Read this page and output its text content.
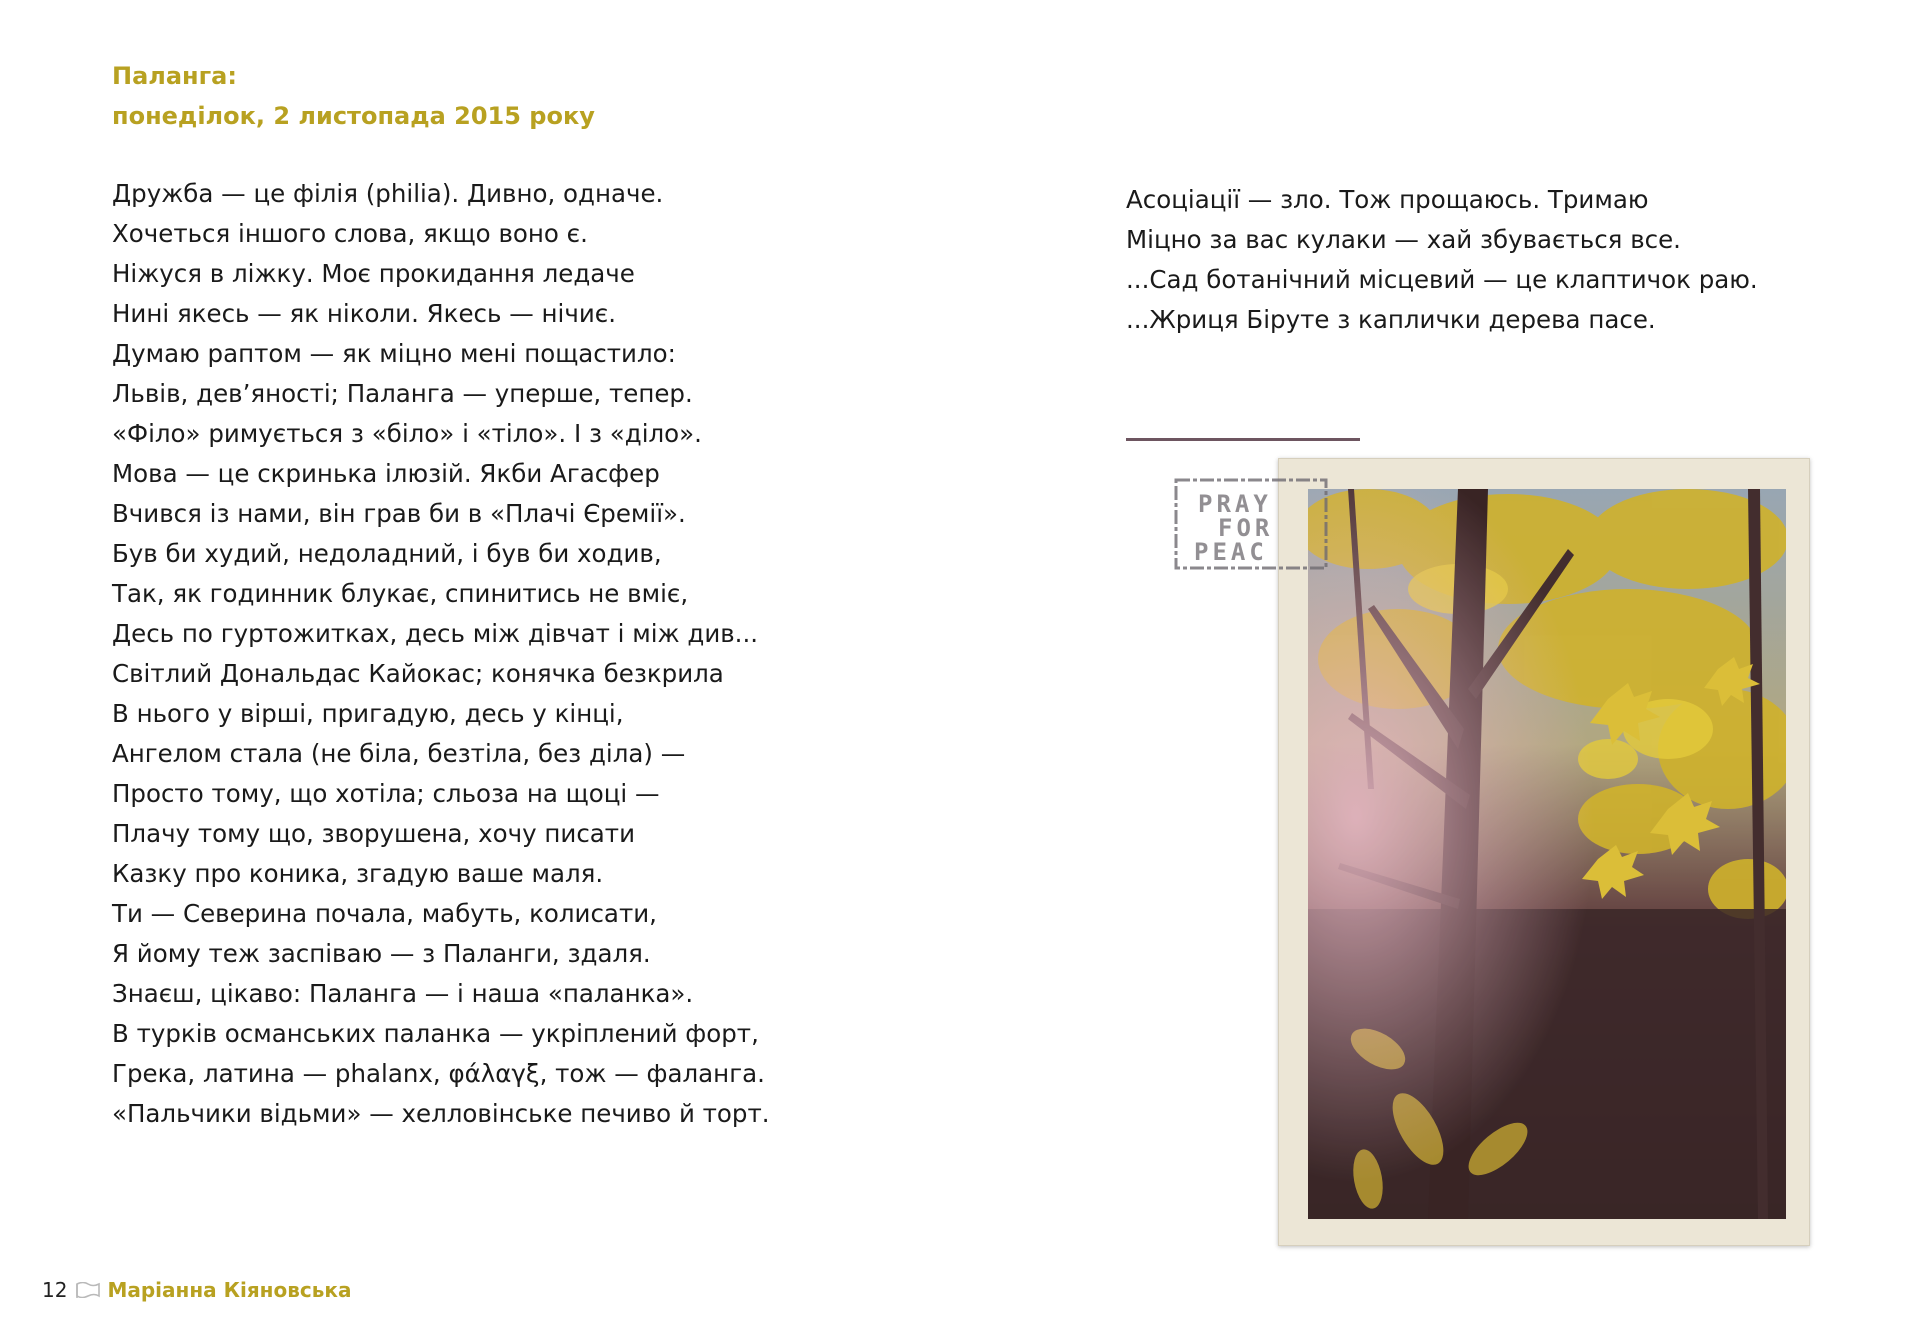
Паланга:
понеділок, 2 листопада 2015 року
Дружба — це філія (philia). Дивно, одначе.
Хочеться іншого слова, якщо воно є.
Ніжуся в ліжку. Моє прокидання ледаче
Нині якесь — як ніколи. Якесь — нічиє.
Думаю раптом — як міцно мені пощастило:
Львів, дев’яності; Паланга — уперше, тепер.
«Філо» римується з «біло» і «тіло». І з «діло».
Мова — це скринька ілюзій. Якби Агасфер
Вчився із нами, він грав би в «Плачі Єремії».
Був би худий, недоладний, і був би ходив,
Так, як годинник блукає, спинитись не вміє,
Десь по гуртожитках, десь між дівчат і між див...
Світлий Дональдас Кайокас; конячка безкрила
В нього у вірші, пригадую, десь у кінці,
Ангелом стала (не біла, безтіла, без діла) —
Просто тому, що хотіла; сльоза на щоці —
Плачу тому що, зворушена, хочу писати
Казку про коника, згадую ваше маля.
Ти — Северина почала, мабуть, колисати,
Я йому теж заспіваю — з Паланги, здаля.
Знаєш, цікаво: Паланга — і наша «паланка».
В турків османських паланка — укріплений форт,
Грека, латина — phalanx, φάλαγξ, тож — фаланга.
«Пальчики відьми» — хелловінське печиво й торт.
Асоціації — зло. Тож прощаюсь. Тримаю
Міцно за вас кулаки — хай збувається все.
...Сад ботанічний місцевий — це клаптичок раю.
...Жриця Біруте з каплички дерева пасе.
PRAY
FOR
PEAC
12 Маріанна Кіяновська
